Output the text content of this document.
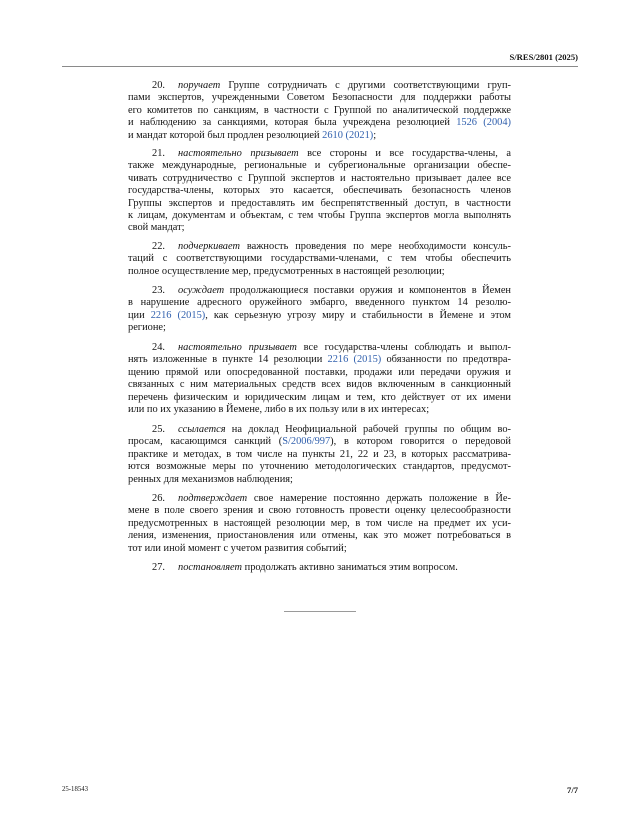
S/RES/2801 (2025)
20. поручает Группе сотрудничать с другими соответствующими груп-
пами экспертов, учрежденными Советом Безопасности для поддержки работы
его комитетов по санкциям, в частности с Группой по аналитической поддержке
и наблюдению за санкциями, которая была учреждена резолюцией 1526 (2004)
и мандат которой был продлен резолюцией 2610 (2021);
21. настоятельно призывает все стороны и все государства-члены, а
также международные, региональные и субрегиональные организации обеспе-
чивать сотрудничество с Группой экспертов и настоятельно призывает далее все
государства-члены, которых это касается, обеспечивать безопасность членов
Группы экспертов и предоставлять им беспрепятственный доступ, в частности
к лицам, документам и объектам, с тем чтобы Группа экспертов могла выполнять
свой мандат;
22. подчеркивает важность проведения по мере необходимости консуль-
таций с соответствующими государствами-членами, с тем чтобы обеспечить
полное осуществление мер, предусмотренных в настоящей резолюции;
23. осуждает продолжающиеся поставки оружия и компонентов в Йемен
в нарушение адресного оружейного эмбарго, введенного пунктом 14 резолю-
ции 2216 (2015), как серьезную угрозу миру и стабильности в Йемене и этом
регионе;
24. настоятельно призывает все государства-члены соблюдать и выпол-
нять изложенные в пункте 14 резолюции 2216 (2015) обязанности по предотвра-
щению прямой или опосредованной поставки, продажи или передачи оружия и
связанных с ним материальных средств всех видов включенным в санкционный
перечень физическим и юридическим лицам и тем, кто действует от их имени
или по их указанию в Йемене, либо в их пользу или в их интересах;
25. ссылается на доклад Неофициальной рабочей группы по общим во-
просам, касающимся санкций (S/2006/997), в котором говорится о передовой
практике и методах, в том числе на пункты 21, 22 и 23, в которых рассматрива-
ются возможные меры по уточнению методологических стандартов, предусмот-
ренных для механизмов наблюдения;
26. подтверждает свое намерение постоянно держать положение в Йе-
мене в поле своего зрения и свою готовность провести оценку целесообразности
предусмотренных в настоящей резолюции мер, в том числе на предмет их уси-
ления, изменения, приостановления или отмены, как это может потребоваться в
тот или иной момент с учетом развития событий;
27. постановляет продолжать активно заниматься этим вопросом.
25-18543	7/7
